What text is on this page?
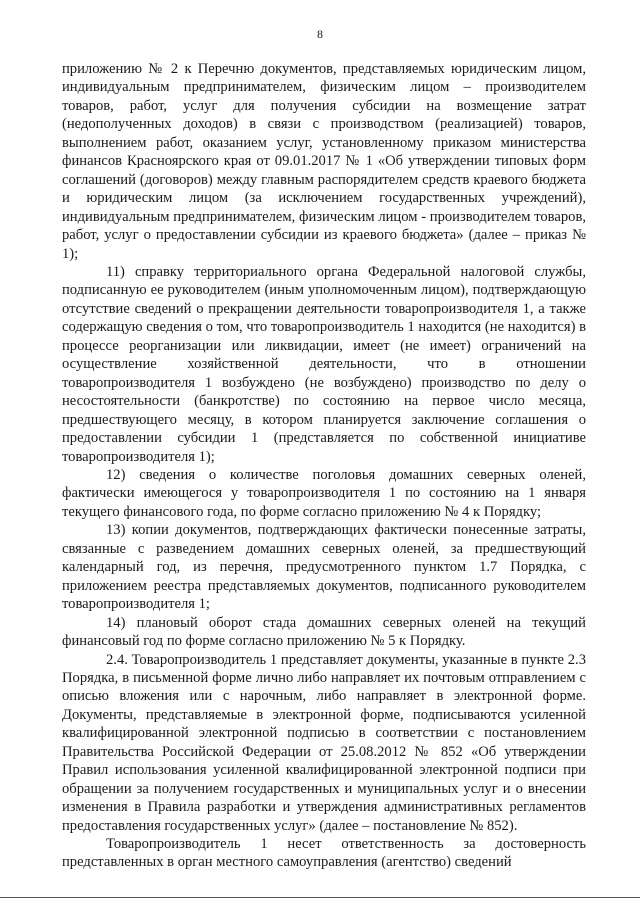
8

приложению № 2 к Перечню документов, представляемых юридическим лицом, индивидуальным предпринимателем, физическим лицом – производителем товаров, работ, услуг для получения субсидии на возмещение затрат (недополученных доходов) в связи с производством (реализацией) товаров, выполнением работ, оказанием услуг, установленному приказом министерства финансов Красноярского края от 09.01.2017 № 1 «Об утверждении типовых форм соглашений (договоров) между главным распорядителем средств краевого бюджета и юридическим лицом (за исключением государственных учреждений), индивидуальным предпринимателем, физическим лицом - производителем товаров, работ, услуг о предоставлении субсидии из краевого бюджета» (далее – приказ № 1);

11) справку территориального органа Федеральной налоговой службы, подписанную ее руководителем (иным уполномоченным лицом), подтверждающую отсутствие сведений о прекращении деятельности товаропроизводителя 1, а также содержащую сведения о том, что товаропроизводитель 1 находится (не находится) в процессе реорганизации или ликвидации, имеет (не имеет) ограничений на осуществление хозяйственной деятельности, что в отношении товаропроизводителя 1 возбуждено (не возбуждено) производство по делу о несостоятельности (банкротстве) по состоянию на первое число месяца, предшествующего месяцу, в котором планируется заключение соглашения о предоставлении субсидии 1 (представляется по собственной инициативе товаропроизводителя 1);

12) сведения о количестве поголовья домашних северных оленей, фактически имеющегося у товаропроизводителя 1 по состоянию на 1 января текущего финансового года, по форме согласно приложению № 4 к Порядку;

13) копии документов, подтверждающих фактически понесенные затраты, связанные с разведением домашних северных оленей, за предшествующий календарный год, из перечня, предусмотренного пунктом 1.7 Порядка, с приложением реестра представляемых документов, подписанного руководителем товаропроизводителя 1;

14) плановый оборот стада домашних северных оленей на текущий финансовый год по форме согласно приложению № 5 к Порядку.

2.4. Товаропроизводитель 1 представляет документы, указанные в пункте 2.3 Порядка, в письменной форме лично либо направляет их почтовым отправлением с описью вложения или с нарочным, либо направляет в электронной форме. Документы, представляемые в электронной форме, подписываются усиленной квалифицированной электронной подписью в соответствии с постановлением Правительства Российской Федерации от 25.08.2012 № 852 «Об утверждении Правил использования усиленной квалифицированной электронной подписи при обращении за получением государственных и муниципальных услуг и о внесении изменения в Правила разработки и утверждения административных регламентов предоставления государственных услуг» (далее – постановление № 852).

Товаропроизводитель 1 несет ответственность за достоверность представленных в орган местного самоуправления (агентство) сведений
